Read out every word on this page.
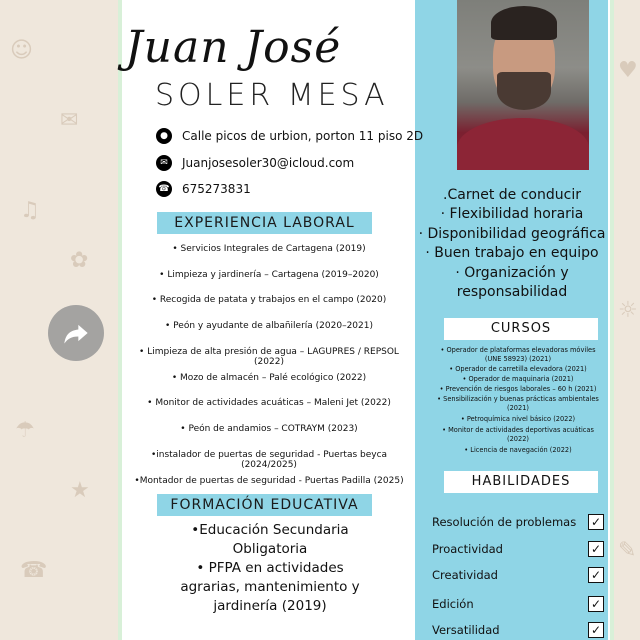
☺
✉
♫
✿
☂
★
☎
♥
☼
✎
Juan José
SOLER MESA
●	Calle picos de urbion, porton 11 piso 2D
✉	Juanjosesoler30@icloud.com
☎ 675273831
EXPERIENCIA LABORAL
• Servicios Integrales de Cartagena (2019)
• Limpieza y jardinería – Cartagena (2019–2020)
• Recogida de patata y trabajos en el campo (2020)
• Peón y ayudante de albañilería (2020–2021)
• Limpieza de alta presión de agua – LAGUPRES / REPSOL (2022)
• Mozo de almacén – Palé ecológico (2022)
• Monitor de actividades acuáticas – Maleni Jet (2022)
• Peón de andamios – COTRAYM (2023)
•instalador de puertas de seguridad - Puertas beyca (2024/2025)
•Montador de puertas de seguridad - Puertas Padilla (2025)
FORMACIÓN EDUCATIVA
•Educación Secundaria
Obligatoria
• PFPA en actividades
agrarias, mantenimiento y
jardinería (2019)
.Carnet de conducir
· Flexibilidad horaria
· Disponibilidad geográfica
· Buen trabajo en equipo
· Organización y
responsabilidad
CURSOS
• Operador de plataformas elevadoras móviles
(UNE 58923) (2021)
• Operador de carretilla elevadora (2021)
• Operador de maquinaria (2021)
• Prevención de riesgos laborales – 60 h (2021)
• Sensibilización y buenas prácticas ambientales
(2021)
• Petroquímica nivel básico (2022)
• Monitor de actividades deportivas acuáticas
(2022)
• Licencia de navegación (2022)
HABILIDADES
Resolución de problemas ✓
Proactividad	✓
Creatividad	✓
Edición	✓
Versatilidad	✓
